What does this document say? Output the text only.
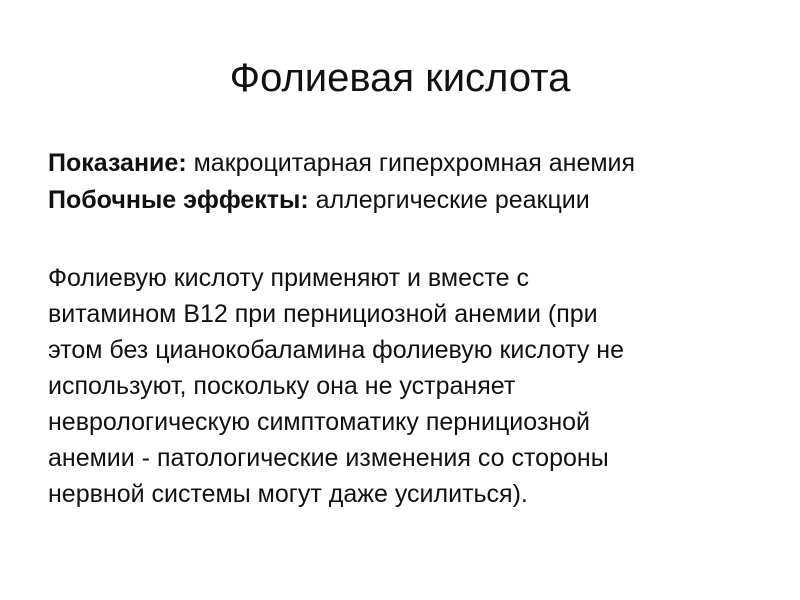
Фолиевая кислота
Показание: макроцитарная гиперхромная анемия
Побочные эффекты: аллергические реакции
Фолиевую кислоту применяют и вместе с
витамином В12 при пернициозной анемии (при
этом без цианокобаламина фолиевую кислоту не
используют, поскольку она не устраняет
неврологическую симптоматику пернициозной
анемии - патологические изменения со стороны
нервной системы могут даже усилиться).
